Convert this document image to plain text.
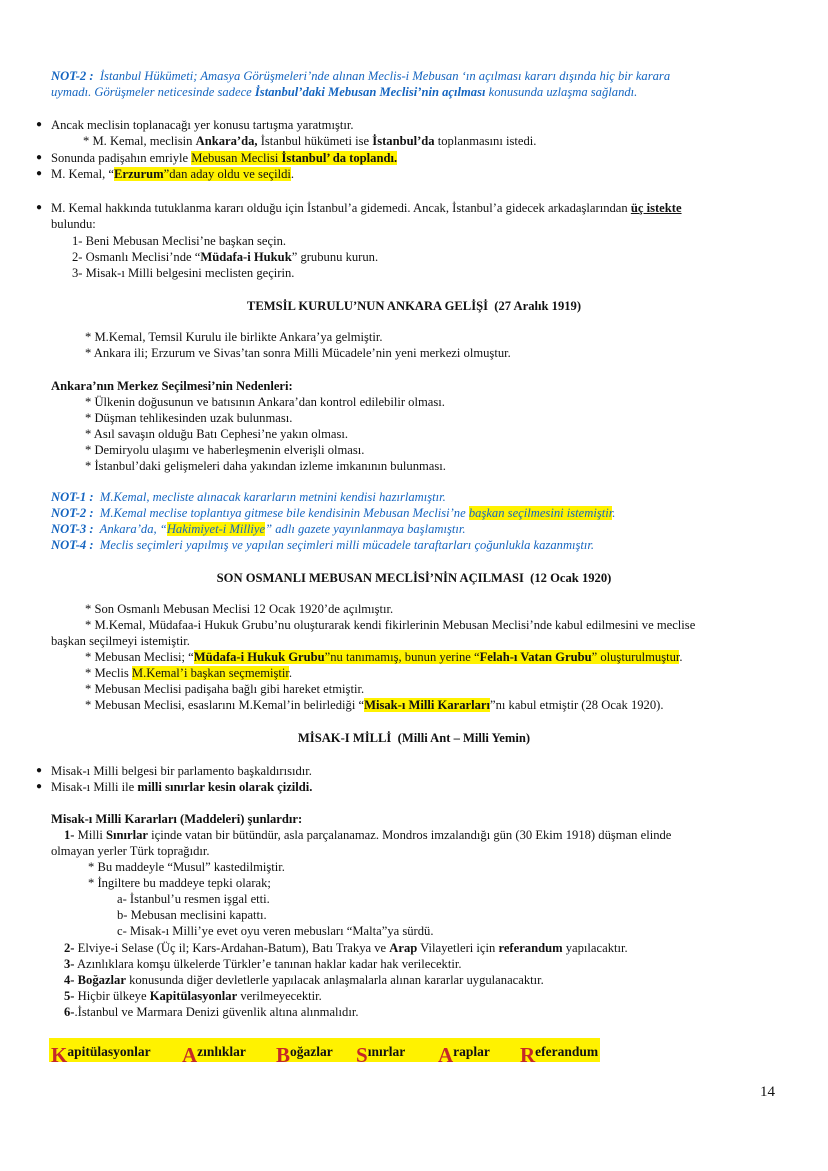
NOT-2 : İstanbul Hükümeti; Amasya Görüşmeleri’nde alınan Meclis-i Mebusan ‘ın açılması kararı dışında hiç bir karara
uymadı. Görüşmeler neticesinde sadece İstanbul’daki Mebusan Meclisi’nin açılması konusunda uzlaşma sağlandı.
● Ancak meclisin toplanacağı yer konusu tartışma yaratmıştır.
* M. Kemal, meclisin Ankara’da, İstanbul hükümeti ise İstanbul’da toplanmasını istedi.
● Sonunda padişahın emriyle Mebusan Meclisi İstanbul’ da toplandı.
● M. Kemal, “Erzurum”dan aday oldu ve seçildi.
● M. Kemal hakkında tutuklanma kararı olduğu için İstanbul’a gidemedi. Ancak, İstanbul’a gidecek arkadaşlarından üç istekte
bulundu:
1- Beni Mebusan Meclisi’ne başkan seçin.
2- Osmanlı Meclisi’nde “Müdafa-i Hukuk” grubunu kurun.
3- Misak-ı Milli belgesini meclisten geçirin.
TEMSİL KURULU’NUN ANKARA GELİŞİ (27 Aralık 1919)
* M.Kemal, Temsil Kurulu ile birlikte Ankara’ya gelmiştir.
* Ankara ili; Erzurum ve Sivas’tan sonra Milli Mücadele’nin yeni merkezi olmuştur.
Ankara’nın Merkez Seçilmesi’nin Nedenleri:
* Ülkenin doğusunun ve batısının Ankara’dan kontrol edilebilir olması.
* Düşman tehlikesinden uzak bulunması.
* Asıl savaşın olduğu Batı Cephesi’ne yakın olması.
* Demiryolu ulaşımı ve haberleşmenin elverişli olması.
* İstanbul’daki gelişmeleri daha yakından izleme imkanının bulunması.
NOT-1 : M.Kemal, mecliste alınacak kararların metnini kendisi hazırlamıştır.
NOT-2 : M.Kemal meclise toplantıya gitmese bile kendisinin Mebusan Meclisi’ne başkan seçilmesini istemiştir.
NOT-3 : Ankara’da, “Hakimiyet-i Milliye” adlı gazete yayınlanmaya başlamıştır.
NOT-4 : Meclis seçimleri yapılmış ve yapılan seçimleri milli mücadele taraftarları çoğunlukla kazanmıştır.
SON OSMANLI MEBUSAN MECLİSİ’NİN AÇILMASI (12 Ocak 1920)
* Son Osmanlı Mebusan Meclisi 12 Ocak 1920’de açılmıştır.
* M.Kemal, Müdafaa-i Hukuk Grubu’nu oluşturarak kendi fikirlerinin Mebusan Meclisi’nde kabul edilmesini ve meclise
başkan seçilmeyi istemiştir.
* Mebusan Meclisi; “Müdafa-i Hukuk Grubu”nu tanımamış, bunun yerine “Felah-ı Vatan Grubu” oluşturulmuştur.
* Meclis M.Kemal’i başkan seçmemiştir.
* Mebusan Meclisi padişaha bağlı gibi hareket etmiştir.
* Mebusan Meclisi, esaslarını M.Kemal’in belirlediği “Misak-ı Milli Kararları”nı kabul etmiştir (28 Ocak 1920).
MİSAK-I MİLLİ (Milli Ant – Milli Yemin)
● Misak-ı Milli belgesi bir parlamento başkaldırısıdır.
● Misak-ı Milli ile milli sınırlar kesin olarak çizildi.
Misak-ı Milli Kararları (Maddeleri) şunlardır:
1- Milli Sınırlar içinde vatan bir bütündür, asla parçalanamaz. Mondros imzalandığı gün (30 Ekim 1918) düşman elinde
olmayan yerler Türk toprağıdır.
* Bu maddeyle “Musul” kastedilmiştir.
* İngiltere bu maddeye tepki olarak;
a- İstanbul’u resmen işgal etti.
b- Mebusan meclisini kapattı.
c- Misak-ı Milli’ye evet oyu veren mebusları “Malta”ya sürdü.
2- Elviye-i Selase (Üç il; Kars-Ardahan-Batum), Batı Trakya ve Arap Vilayetleri için referandum yapılacaktır.
3- Azınlıklara komşu ülkelerde Türkler’e tanınan haklar kadar hak verilecektir.
4- Boğazlar konusunda diğer devletlerle yapılacak anlaşmalarla alınan kararlar uygulanacaktır.
5- Hiçbir ülkeye Kapitülasyonlar verilmeyecektir.
6-.İstanbul ve Marmara Denizi güvenlik altına alınmalıdır.
K apitülasyonlar A zınlıklar B oğazlar S ınırlar A raplar R eferandum
14
